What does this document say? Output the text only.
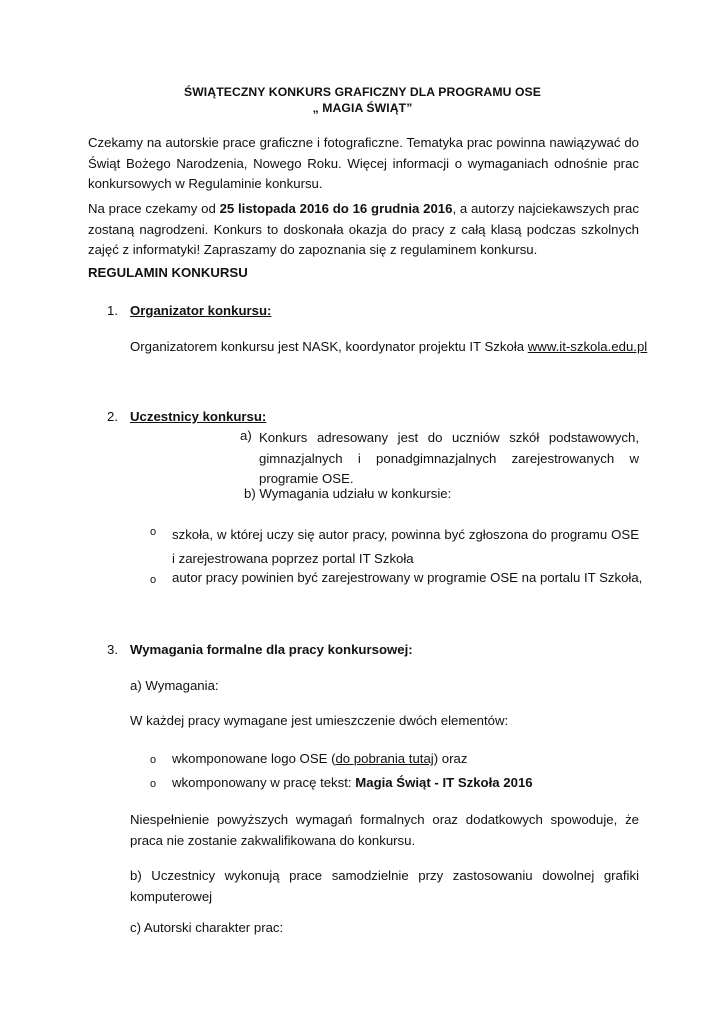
ŚWIĄTECZNY KONKURS GRAFICZNY DLA PROGRAMU OSE
„ MAGIA ŚWIĄT”
Czekamy na autorskie prace graficzne i fotograficzne. Tematyka prac powinna nawiązywać do Świąt Bożego Narodzenia, Nowego Roku. Więcej informacji o wymaganiach odnośnie prac konkursowych w Regulaminie konkursu.
Na prace czekamy od 25 listopada 2016 do 16 grudnia 2016, a autorzy najciekawszych prac zostaną nagrodzeni. Konkurs to doskonała okazja do pracy z całą klasą podczas szkolnych zajęć z informatyki! Zapraszamy do zapoznania się z regulaminem konkursu.
REGULAMIN KONKURSU
1. Organizator konkursu:
Organizatorem konkursu jest NASK, koordynator projektu IT Szkoła www.it-szkola.edu.pl
2. Uczestnicy konkursu:
a) Konkurs adresowany jest do uczniów szkół podstawowych, gimnazjalnych i ponadgimnazjalnych zarejestrowanych w programie OSE.
b) Wymagania udziału w konkursie:
o szkoła, w której uczy się autor pracy, powinna być zgłoszona do programu OSE i zarejestrowana poprzez portal IT Szkoła
o autor pracy powinien być zarejestrowany w programie OSE na portalu IT Szkoła,
3. Wymagania formalne dla pracy konkursowej:
a) Wymagania:
W każdej pracy wymagane jest umieszczenie dwóch elementów:
o wkomponowane logo OSE (do pobrania tutaj) oraz
o wkomponowany w pracę tekst: Magia Świąt - IT Szkoła 2016
Niespełnienie powyższych wymagań formalnych oraz dodatkowych spowoduje, że praca nie zostanie zakwalifikowana do konkursu.
b) Uczestnicy wykonują prace samodzielnie przy zastosowaniu dowolnej grafiki komputerowej
c) Autorski charakter prac:
